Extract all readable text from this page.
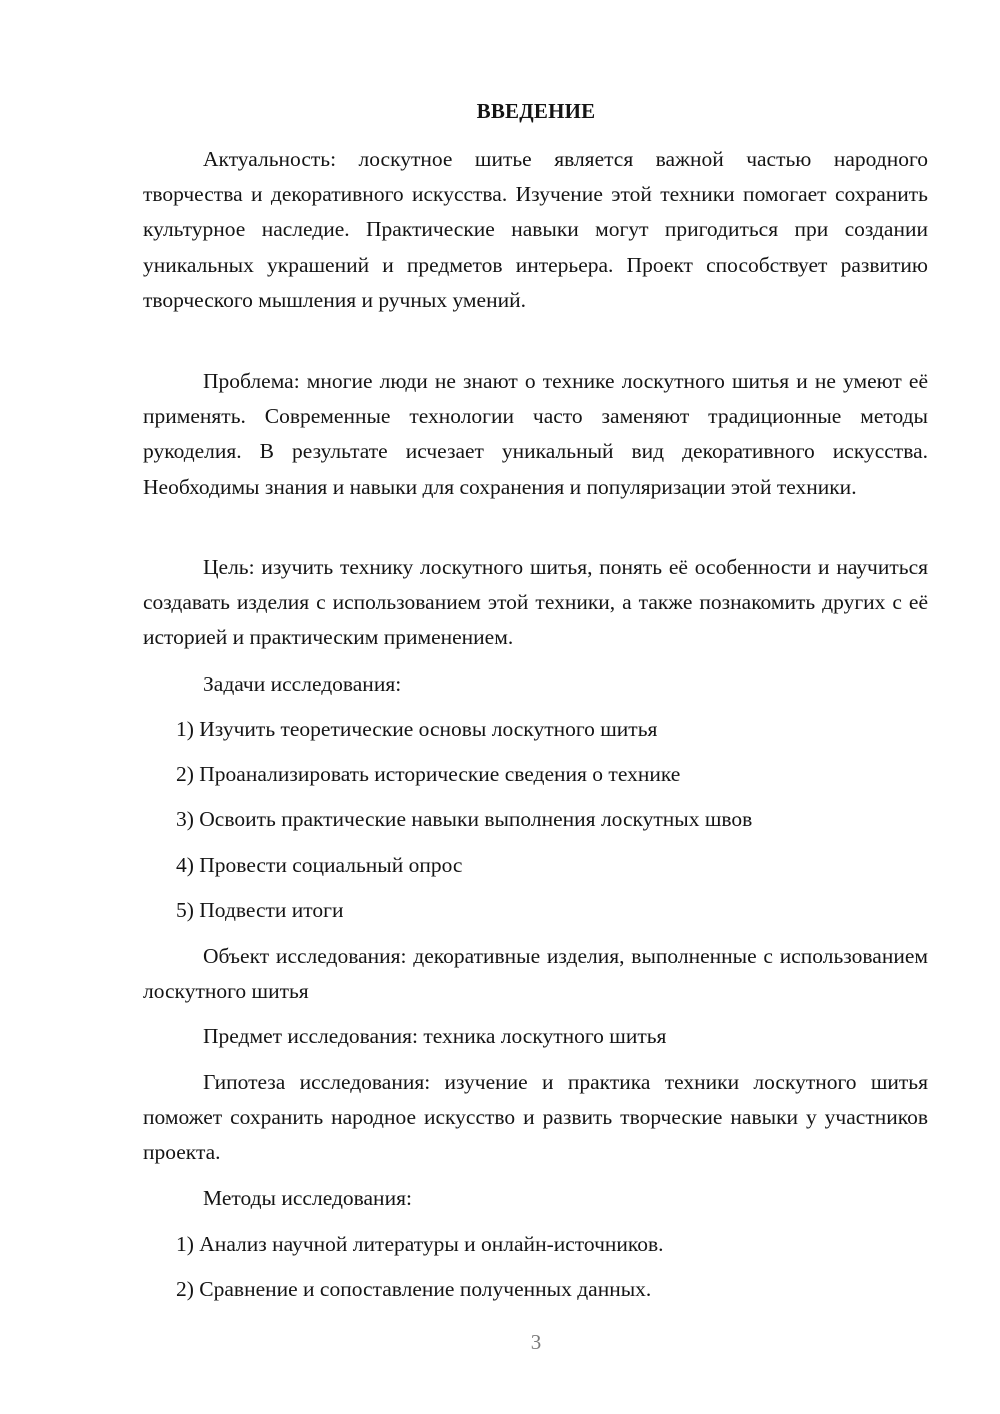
ВВЕДЕНИЕ

Актуальность: лоскутное шитье является важной частью народного творчества и декоративного искусства. Изучение этой техники помогает сохранить культурное наследие. Практические навыки могут пригодиться при создании уникальных украшений и предметов интерьера. Проект способствует развитию творческого мышления и ручных умений.

Проблема: многие люди не знают о технике лоскутного шитья и не умеют её применять. Современные технологии часто заменяют традиционные методы рукоделия. В результате исчезает уникальный вид декоративного искусства. Необходимы знания и навыки для сохранения и популяризации этой техники.

Цель: изучить технику лоскутного шитья, понять её особенности и научиться создавать изделия с использованием этой техники, а также познакомить других с её историей и практическим применением.

Задачи исследования:

1) Изучить теоретические основы лоскутного шитья

2) Проанализировать исторические сведения о технике

3) Освоить практические навыки выполнения лоскутных швов

4) Провести социальный опрос

5) Подвести итоги

Объект исследования: декоративные изделия, выполненные с использованием лоскутного шитья

Предмет исследования: техника лоскутного шитья

Гипотеза исследования: изучение и практика техники лоскутного шитья поможет сохранить народное искусство и развить творческие навыки у участников проекта.

Методы исследования:

1) Анализ научной литературы и онлайн-источников.

2) Сравнение и сопоставление полученных данных.

3
